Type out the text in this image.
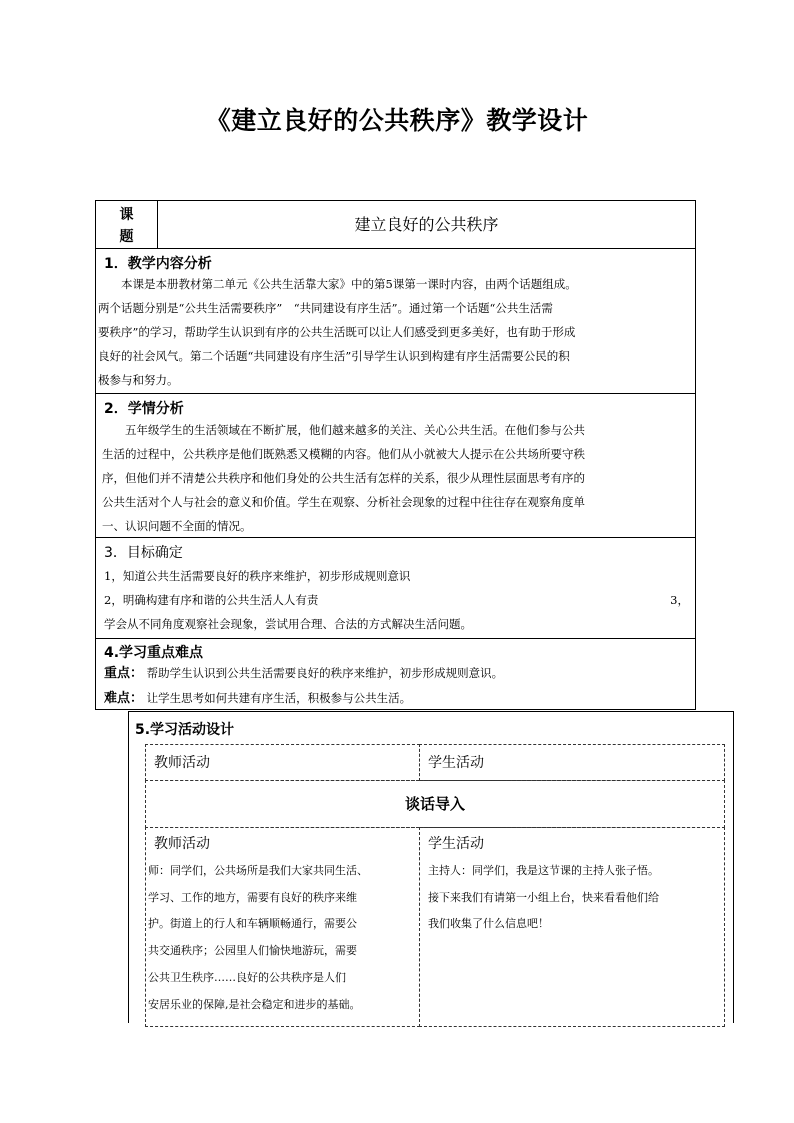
《建立良好的公共秩序》教学设计
课
题
建立良好的公共秩序
1．教学内容分析
　　本课是本册教材第二单元《公共生活靠大家》中的第5课第一课时内容，由两个话题组成。
两个话题分别是“公共生活需要秩序”　“共同建设有序生活”。通过第一个话题“公共生活需
要秩序”的学习，帮助学生认识到有序的公共生活既可以让人们感受到更多美好，也有助于形成
良好的社会风气。第二个话题“共同建设有序生活”引导学生认识到构建有序生活需要公民的积
极参与和努力。
2．学情分析
　　五年级学生的生活领域在不断扩展，他们越来越多的关注、关心公共生活。在他们参与公共
生活的过程中，公共秩序是他们既熟悉又模糊的内容。他们从小就被大人提示在公共场所要守秩
序，但他们并不清楚公共秩序和他们身处的公共生活有怎样的关系，很少从理性层面思考有序的
公共生活对个人与社会的意义和价值。学生在观察、分析社会现象的过程中往往存在观察角度单
一、认识问题不全面的情况。
3．目标确定
1，知道公共生活需要良好的秩序来维护，初步形成规则意识
2，明确构建有序和谐的公共生活人人有责	3，
学会从不同角度观察社会现象，尝试用合理、合法的方式解决生活问题。
4.学习重点难点
重点： 帮助学生认识到公共生活需要良好的秩序来维护，初步形成规则意识。
难点： 让学生思考如何共建有序生活，积极参与公共生活。
5.学习活动设计
教师活动	学生活动
谈话导入
教师活动
师：同学们，公共场所是我们大家共同生活、
学习、工作的地方，需要有良好的秩序来维
护。街道上的行人和车辆顺畅通行，需要公
共交通秩序；公园里人们愉快地游玩，需要
公共卫生秩序……良好的公共秩序是人们
安居乐业的保障,是社会稳定和进步的基础。
学生活动
主持人：同学们，我是这节课的主持人张子悟。
接下来我们有请第一小组上台，快来看看他们给
我们收集了什么信息吧！
